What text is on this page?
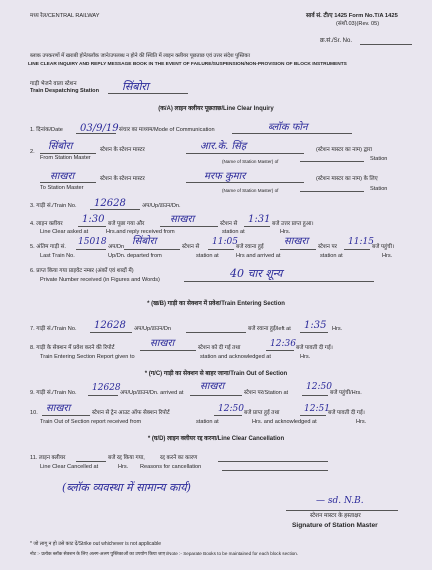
मध्य रेल/CENTRAL RAILWAY	सार्व सं. टी/ए 1425 Form No.T/A 1425
(संशो.03)(Rev. 05)
क्र.सं./Sr. No.
ब्लाक उपकरणों में खराबी होने/ब्लॉक जाने/उपलब्ध न होने की स्थिति में लाइन क्लीयर पूछताछ एवं उत्तर संदेश पुस्तिका
LINE CLEAR INQUIRY AND REPLY MESSAGE BOOK IN THE EVENT OF FAILURE/SUSPENSION/NON-PROVISION OF BLOCK INSTRUMENTS
गाड़ी भेजने वाला स्टेशन
Train Despatching Station सिंबोरा
(क/A) लाइन क्लीयर पूछताछ/Line Clear Inquiry
1. दिनांक/Date 03/9/19 संचार का माध्यम/Mode of Communication	ब्लॉक फोन
2. सिंबोरा	स्टेशन के स्टेशन मास्टर	आर.के. सिंह	(स्टेशन मास्टर का नाम) द्वारा
From Station Master
(Name of Station Master) of	Station
साखरा	स्टेशन के स्टेशन मास्टर	मरफ कुमार	(स्टेशन मास्टर का नाम) के लिए
To Station Master	(Name of Station Master) of	Station
3. गाड़ी सं./Train No. 12628	अप/Up/डाउन/Dn.
4. लाइन क्लीयर 1:30 बजे पूछा गया और	साखरा	स्टेशन से 1:31 बजे उत्तर प्राप्त हुआ।
Line Clear asked at	Hrs.and reply received from	station at	Hrs.
5. अंतिम गाड़ी सं. 15018 अप/Dn सिंबोरा	स्टेशन से 11:05
बजे रवाना हुई साखरा स्टेशन पर 11:15
बजे पहुंची।
Last Train No.	Up/Dn. departed from	station at	Hrs and arrived at	station at	Hrs.
6. प्राप्त किया गया प्राइवेट नम्बर (अंकों एवं शब्दों में)
Private Number received (in Figures and Words)	40 चार शून्य
* (ख/B) गाड़ी का सेक्शन में प्रवेश/Train Entering Section
7. गाड़ी सं./Train No. 12628 अप/Up/डाउन/Dn	बजे रवाना हुई/left at 1:35 Hrs.
8. गाड़ी के सेक्शन में प्रवेश करने की रिपोर्ट	साखरा	स्टेशन को दी गई तथा	12:36 बजे पावती दी गई।
Train Entering Section Report given to	station and acknowledged at	Hrs.
* (ग/C) गाड़ी का सेक्शन से बाहर जाना/Train Out of Section
9. गाड़ी सं./Train No. 12628 अप/Up/डाउन/Dn. arrived at
साखरा
स्टेशन पर/Station at
12:50
बजे पहुंची/Hrs.
10. साखरा	स्टेशन से ट्रेन आउट ऑफ सेक्शन रिपोर्ट	12:50 बजे प्राप्त हुई तथा	12:51
बजे पावती दी गई।
Train Out of Section report received from	station at	Hrs. and acknowledged at	Hrs.
* (घ/D) लाइन क्लीयर रद्द करना/Line Clear Cancellation
11. लाइन क्लीयर	बजे रद्द किया गया,	रद्द करने का कारण
Line Clear Cancelled at	Hrs. Reasons for cancellation
(ब्लॉक व्यवस्था में सामान्य कार्य)
— sd. N.B.
स्टेशन मास्टर के हस्ताक्षर
Signature of Station Master
* जो लागू न हो उसे काट दें/Strike out whichever is not applicable
नोट :- प्रत्येक ब्लॉक सेक्शन के लिए अलग-अलग पुस्तिकाओं का उपयोग किया जाए।/Note :- Separate Books to be maintained for each block section.
